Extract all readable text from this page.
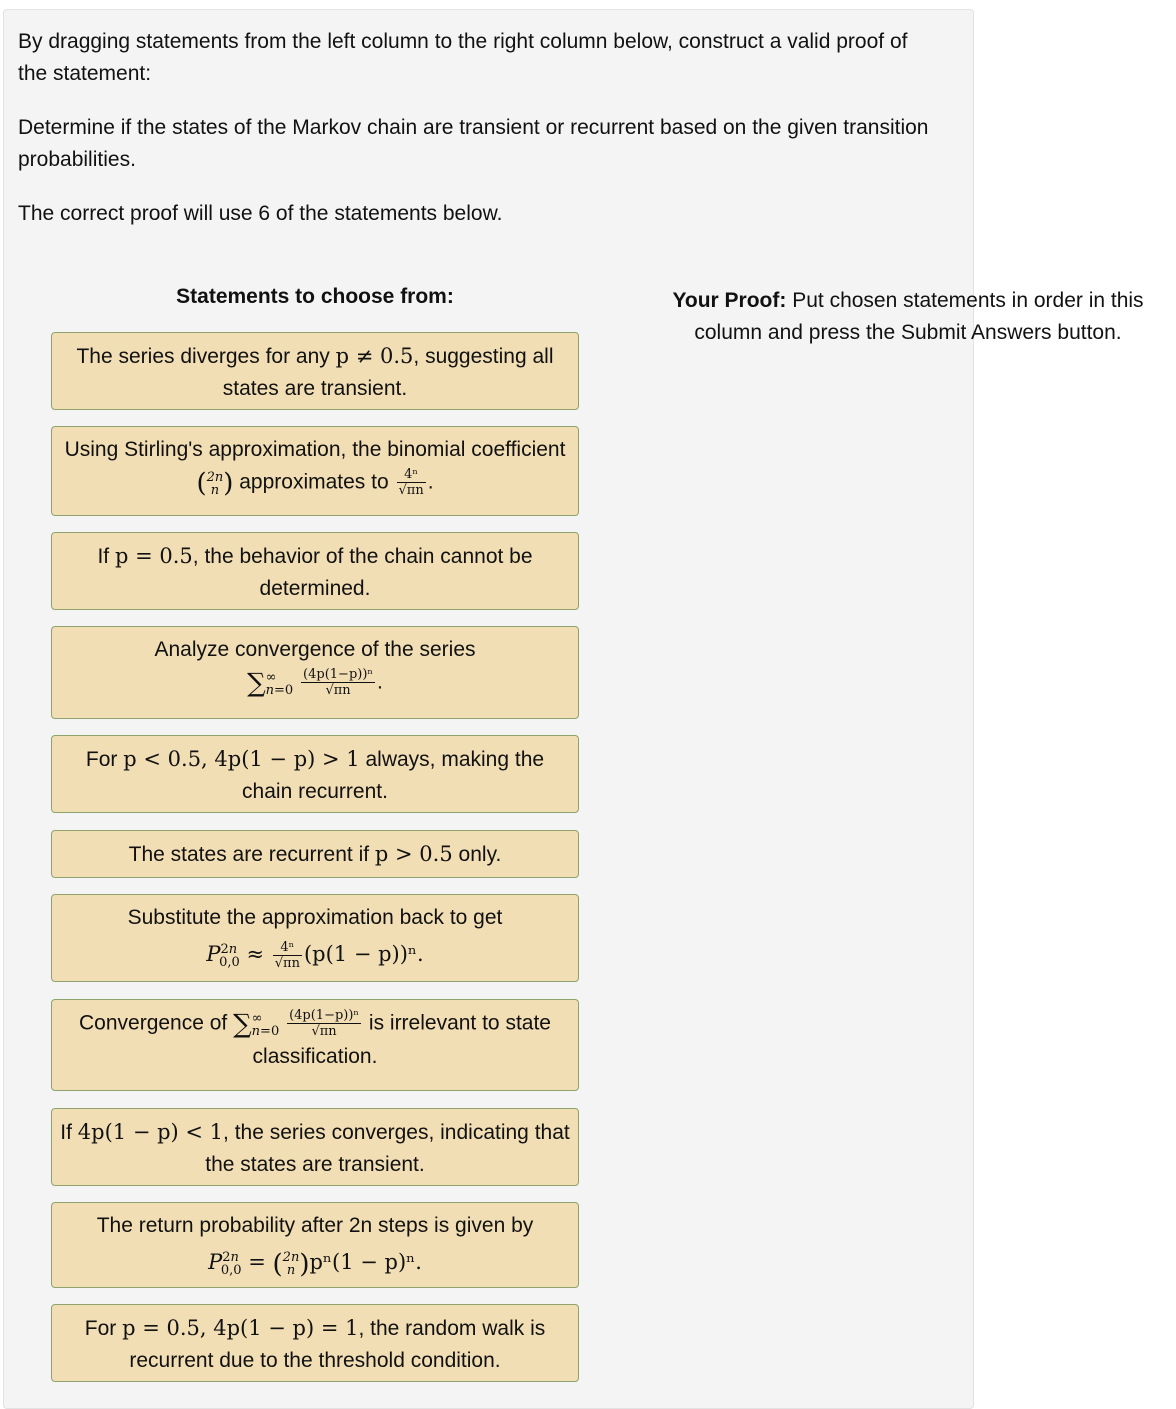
By dragging statements from the left column to the right column below, construct a valid proof of the statement:

Determine if the states of the Markov chain are transient or recurrent based on the given transition probabilities.

The correct proof will use 6 of the statements below.

Statements to choose from:	Your Proof: Put chosen statements in order in this column and press the Submit Answers button.
The series diverges for any p ≠ 0.5, suggesting all states are transient.
Using Stirling's approximation, the binomial coefficient (2n
n ) approximates to $\frac{\text{4ⁿ}}{√\pi n}$ .
If p = 0.5, the behavior of the chain cannot be determined.
Analyze convergence of the series
∑∞
$n=0 \frac{\text{(4p(1−p))ⁿ}}{√\pi n}$ .
For p < 0.5, 4p(1 − p) > 1 always, making the chain recurrent.
The states are recurrent if p > 0.5 only.
Substitute the approximation back to get
$P^{2n}_{0,0} \approx \frac{\text{4ⁿ}}{√\pi n} (p(1 - p))^n$.
Convergence of ∑∞
$n=0 \frac{\text{(4p(1−p))ⁿ}}{√\pi n}$ is irrelevant to state classification.
If 4p(1 − p) < 1, the series converges, indicating that the states are transient.
The return probability after 2n steps is given by
$P^{2n}_{0,0} = (2n$
n )pⁿ(1 − p)ⁿ.
For p = 0.5, 4p(1 − p) = 1, the random walk is recurrent due to the threshold condition.
